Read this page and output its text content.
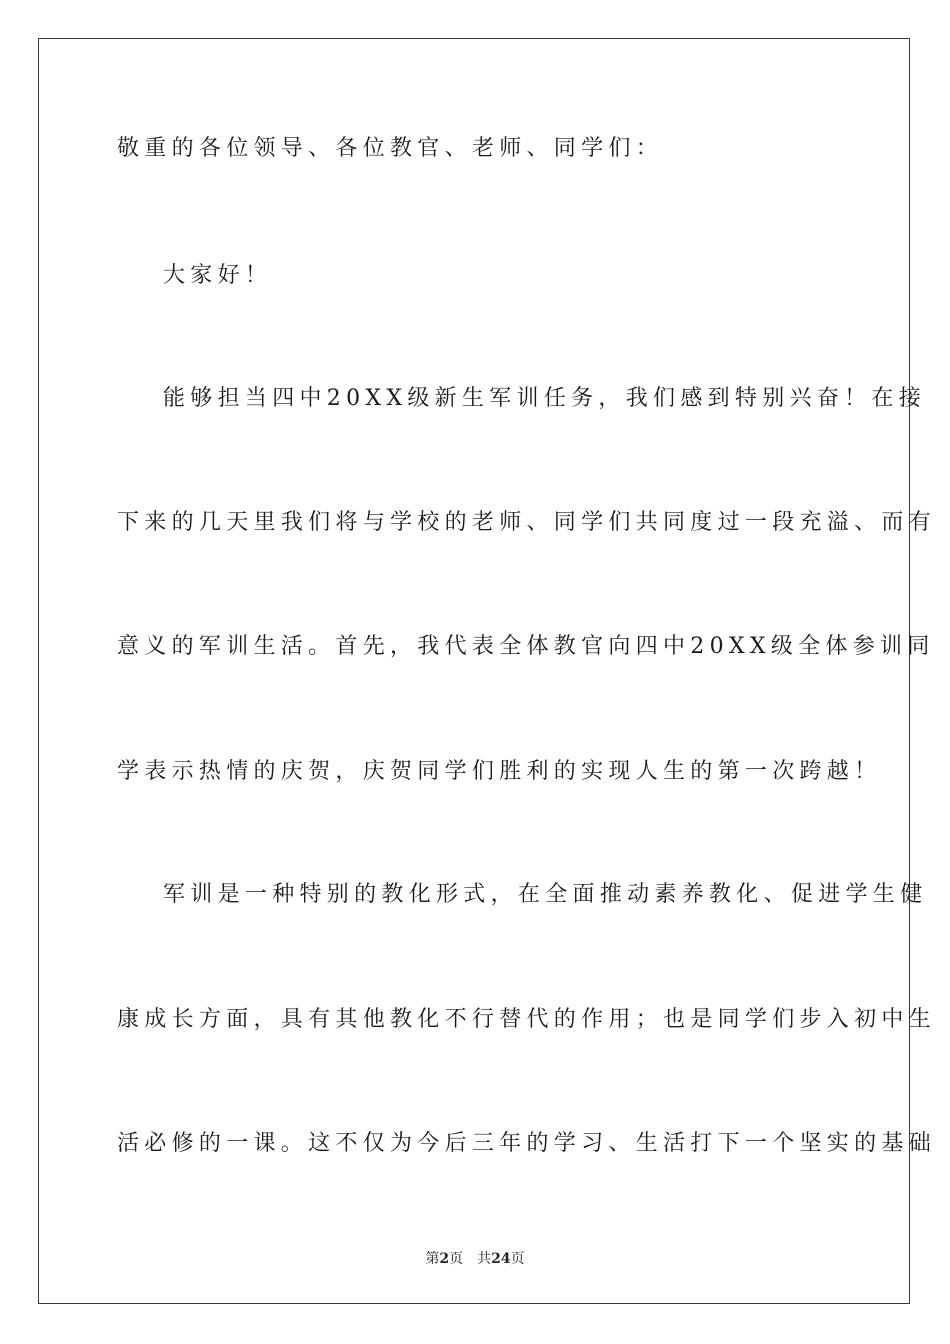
敬重的各位领导、各位教官、老师、同学们：
大家好！
能够担当四中20XX级新生军训任务，我们感到特别兴奋！在接
下来的几天里我们将与学校的老师、同学们共同度过一段充溢、而有
意义的军训生活。首先，我代表全体教官向四中20XX级全体参训同
学表示热情的庆贺，庆贺同学们胜利的实现人生的第一次跨越！
军训是一种特别的教化形式，在全面推动素养教化、促进学生健
康成长方面，具有其他教化不行替代的作用；也是同学们步入初中生
活必修的一课。这不仅为今后三年的学习、生活打下一个坚实的基础
第2页 共24页
